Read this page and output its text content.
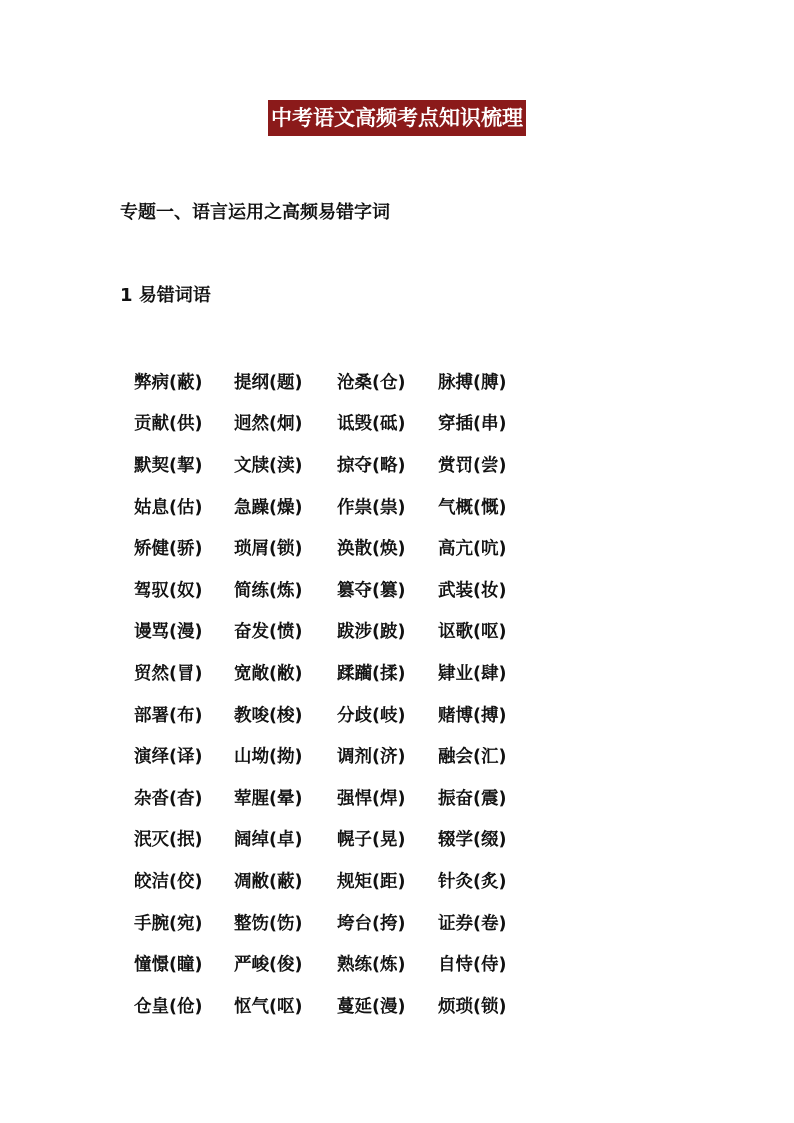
中考语文高频考点知识梳理
专题一、语言运用之高频易错字词
1 易错词语
弊病(蔽) 提纲(题) 沧桑(仓) 脉搏(膊)
贡献(供) 迥然(炯) 诋毁(砥) 穿插(串)
默契(挈) 文牍(渎) 掠夺(略) 赏罚(尝)
姑息(估) 急躁(燥) 作祟(祟) 气概(慨)
矫健(骄) 琐屑(锁) 涣散(焕) 高亢(吭)
驾驭(奴) 简练(炼) 篡夺(篡) 武装(妆)
谩骂(漫) 奋发(愤) 跋涉(跛) 讴歌(呕)
贸然(冒) 宽敞(敝) 蹂躏(揉) 肄业(肆)
部署(布) 教唆(梭) 分歧(岐) 赌博(搏)
演绎(译) 山坳(拗) 调剂(济) 融会(汇)
杂沓(杳) 荤腥(晕) 强悍(焊) 振奋(震)
泯灭(抿) 阔绰(卓) 幌子(晃) 辍学(缀)
皎洁(佼) 凋敝(蔽) 规矩(距) 针灸(炙)
手腕(宛) 整饬(饬) 垮台(挎) 证券(卷)
憧憬(瞳) 严峻(俊) 熟练(炼) 自恃(侍)
仓皇(伧) 怄气(呕) 蔓延(漫) 烦琐(锁)
